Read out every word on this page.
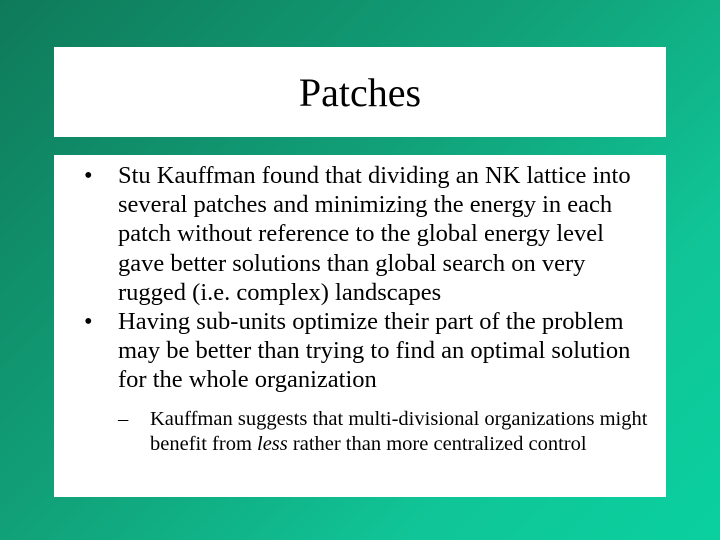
Patches
• Stu Kauffman found that dividing an NK lattice into several patches and minimizing the energy in each patch without reference to the global energy level gave better solutions than global search on very rugged (i.e. complex) landscapes
• Having sub-units optimize their part of the problem may be better than trying to find an optimal solution for the whole organization
– Kauffman suggests that multi-divisional organizations might benefit from less rather than more centralized control
